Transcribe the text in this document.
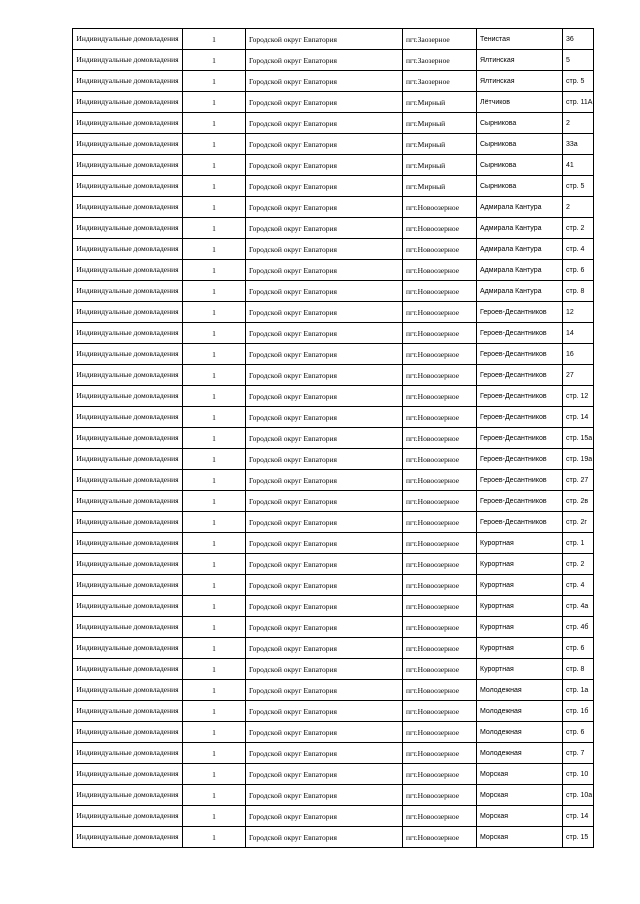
Индивидуальные домовладения	1	Городской округ Евпатория	пгт.Заозерное	Тенистая	36
Индивидуальные домовладения	1	Городской округ Евпатория	пгт.Заозерное	Ялтинская	5
Индивидуальные домовладения	1	Городской округ Евпатория	пгт.Заозерное	Ялтинская	стр. 5
Индивидуальные домовладения	1	Городской округ Евпатория	пгт.Мирный	Лётчиков	стр. 11А
Индивидуальные домовладения	1	Городской округ Евпатория	пгт.Мирный	Сырникова	2
Индивидуальные домовладения	1	Городской округ Евпатория	пгт.Мирный	Сырникова	33а
Индивидуальные домовладения	1	Городской округ Евпатория	пгт.Мирный	Сырникова	41
Индивидуальные домовладения	1	Городской округ Евпатория	пгт.Мирный	Сырникова	стр. 5
Индивидуальные домовладения	1	Городской округ Евпатория	пгт.Новоозерное	Адмирала Кантура	2
Индивидуальные домовладения	1	Городской округ Евпатория	пгт.Новоозерное	Адмирала Кантура	стр. 2
Индивидуальные домовладения	1	Городской округ Евпатория	пгт.Новоозерное	Адмирала Кантура	стр. 4
Индивидуальные домовладения	1	Городской округ Евпатория	пгт.Новоозерное	Адмирала Кантура	стр. 6
Индивидуальные домовладения	1	Городской округ Евпатория	пгт.Новоозерное	Адмирала Кантура	стр. 8
Индивидуальные домовладения	1	Городской округ Евпатория	пгт.Новоозерное	Героев-Десантников	12
Индивидуальные домовладения	1	Городской округ Евпатория	пгт.Новоозерное	Героев-Десантников	14
Индивидуальные домовладения	1	Городской округ Евпатория	пгт.Новоозерное	Героев-Десантников	16
Индивидуальные домовладения	1	Городской округ Евпатория	пгт.Новоозерное	Героев-Десантников	27
Индивидуальные домовладения	1	Городской округ Евпатория	пгт.Новоозерное	Героев-Десантников	стр. 12
Индивидуальные домовладения	1	Городской округ Евпатория	пгт.Новоозерное	Героев-Десантников	стр. 14
Индивидуальные домовладения	1	Городской округ Евпатория	пгт.Новоозерное	Героев-Десантников	стр. 15а
Индивидуальные домовладения	1	Городской округ Евпатория	пгт.Новоозерное	Героев-Десантников	стр. 19а
Индивидуальные домовладения	1	Городской округ Евпатория	пгт.Новоозерное	Героев-Десантников	стр. 27
Индивидуальные домовладения	1	Городской округ Евпатория	пгт.Новоозерное	Героев-Десантников	стр. 2в
Индивидуальные домовладения	1	Городской округ Евпатория	пгт.Новоозерное	Героев-Десантников	стр. 2г
Индивидуальные домовладения	1	Городской округ Евпатория	пгт.Новоозерное	Курортная	стр. 1
Индивидуальные домовладения	1	Городской округ Евпатория	пгт.Новоозерное	Курортная	стр. 2
Индивидуальные домовладения	1	Городской округ Евпатория	пгт.Новоозерное	Курортная	стр. 4
Индивидуальные домовладения	1	Городской округ Евпатория	пгт.Новоозерное	Курортная	стр. 4а
Индивидуальные домовладения	1	Городской округ Евпатория	пгт.Новоозерное	Курортная	стр. 4б
Индивидуальные домовладения	1	Городской округ Евпатория	пгт.Новоозерное	Курортная	стр. 6
Индивидуальные домовладения	1	Городской округ Евпатория	пгт.Новоозерное	Курортная	стр. 8
Индивидуальные домовладения	1	Городской округ Евпатория	пгт.Новоозерное	Молодежная	стр. 1а
Индивидуальные домовладения	1	Городской округ Евпатория	пгт.Новоозерное	Молодежная	стр. 1б
Индивидуальные домовладения	1	Городской округ Евпатория	пгт.Новоозерное	Молодежная	стр. 6
Индивидуальные домовладения	1	Городской округ Евпатория	пгт.Новоозерное	Молодежная	стр. 7
Индивидуальные домовладения	1	Городской округ Евпатория	пгт.Новоозерное	Морская	стр. 10
Индивидуальные домовладения	1	Городской округ Евпатория	пгт.Новоозерное	Морская	стр. 10а
Индивидуальные домовладения	1	Городской округ Евпатория	пгт.Новоозерное	Морская	стр. 14
Индивидуальные домовладения	1	Городской округ Евпатория	пгт.Новоозерное	Морская	стр. 15
